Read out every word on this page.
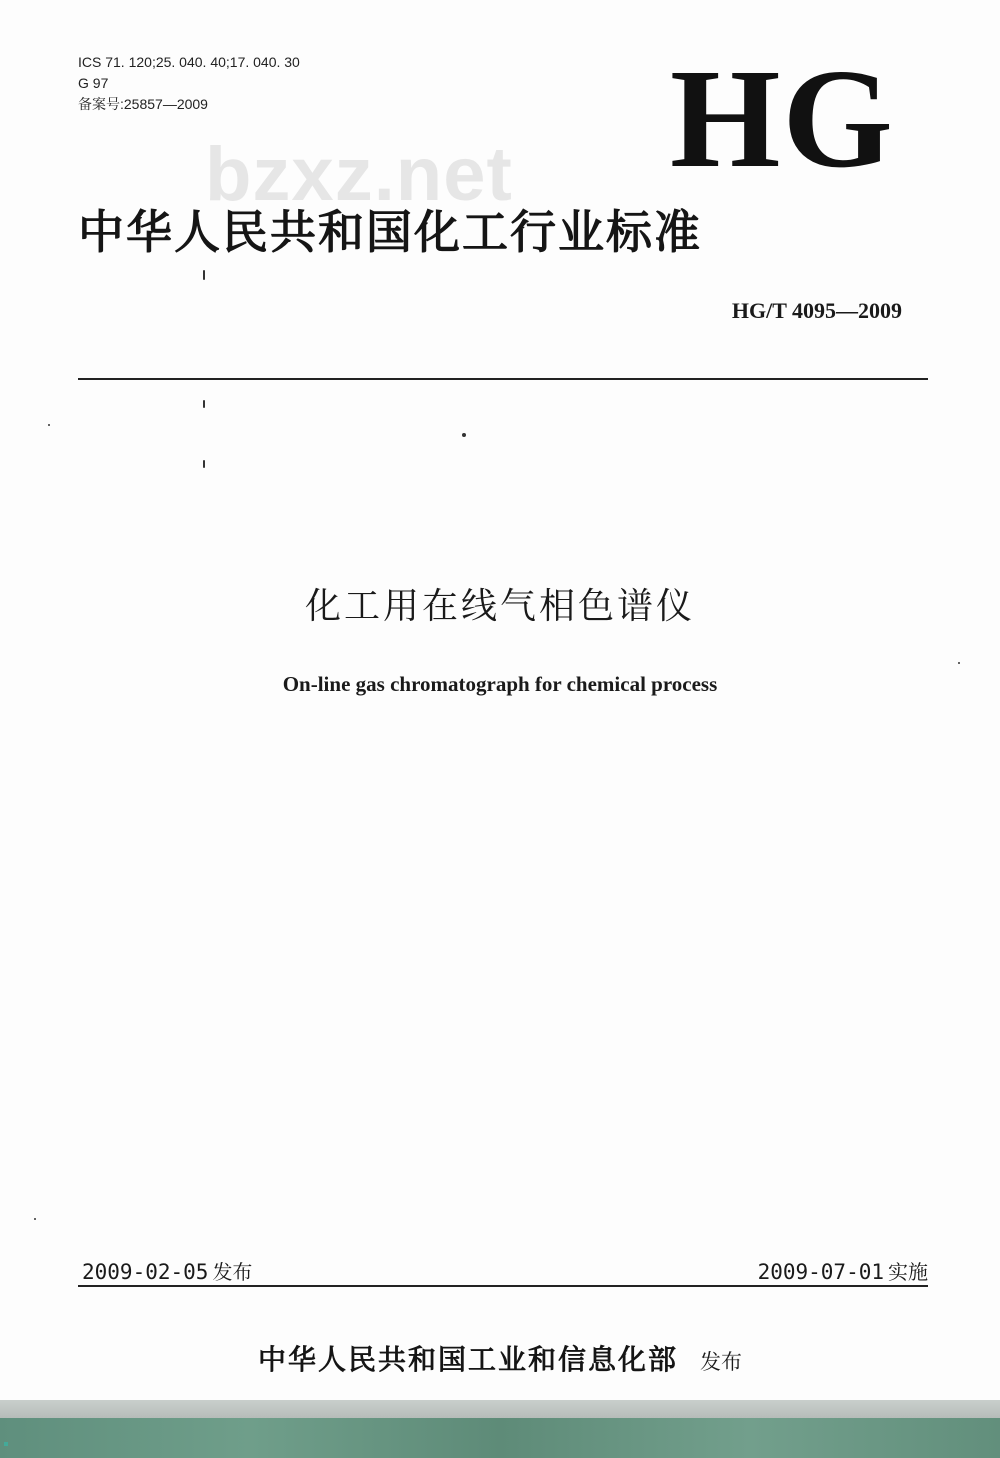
ICS 71. 120;25. 040. 40;17. 040. 30
G 97
备案号:25857—2009	HG
bzxz.net
中华人民共和国化工行业标准
HG/T 4095—2009
化工用在线气相色谱仪
On-line gas chromatograph for chemical process
2009-02-05 发布	2009-07-01 实施
中华人民共和国工业和信息化部 发布
